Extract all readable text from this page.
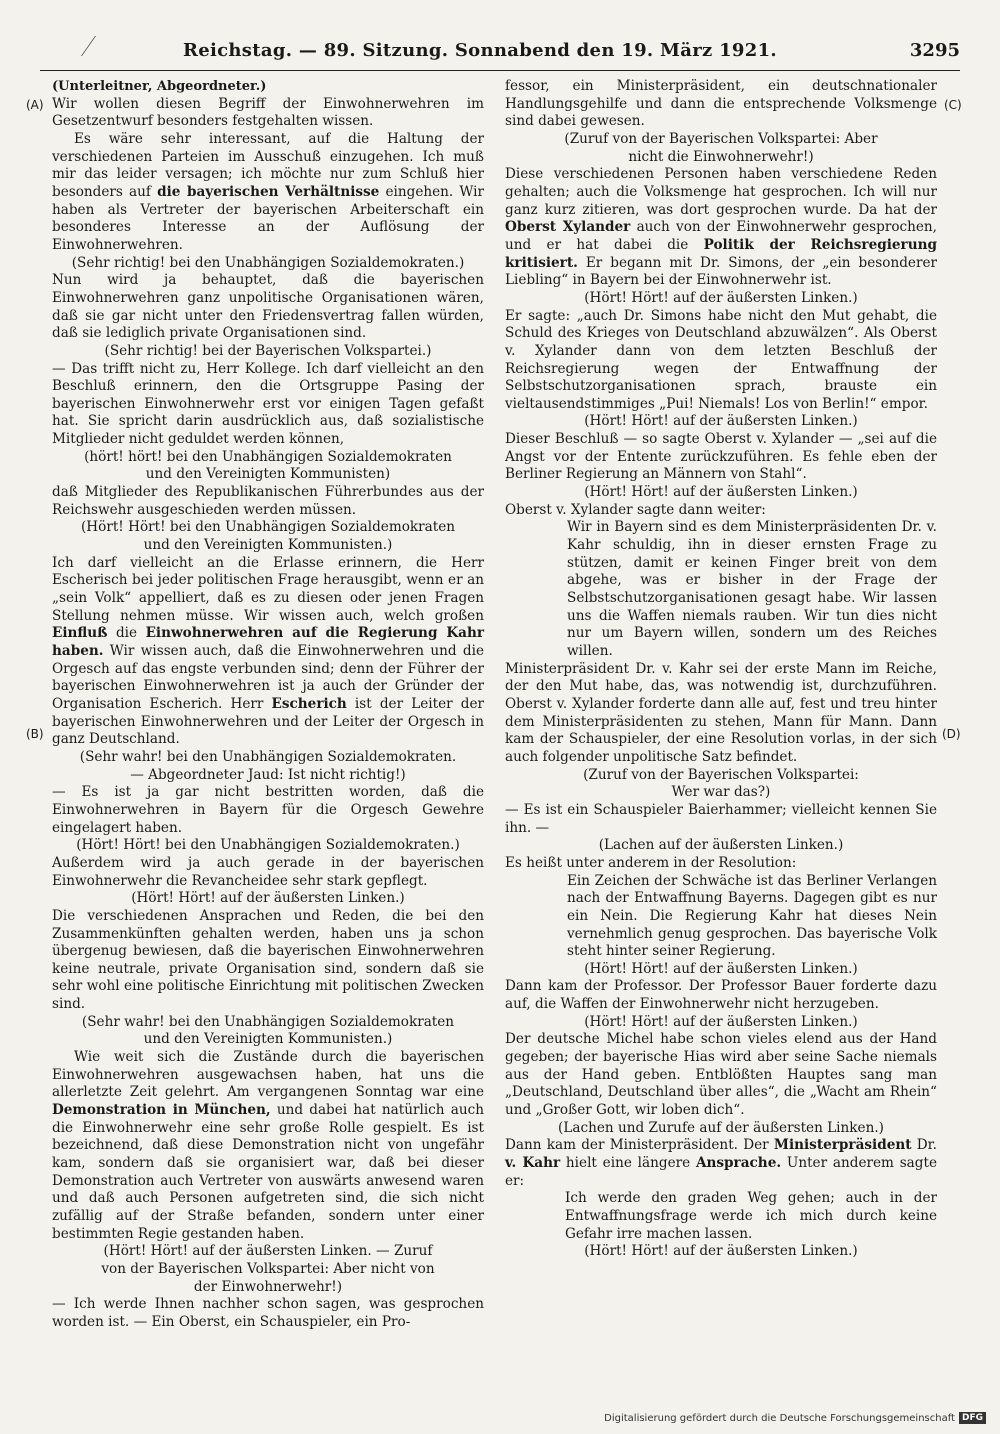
Reichstag. — 89. Sitzung. Sonnabend den 19. März 1921.	3295
(A)
(B)
(C)
(D)

(Unterleitner, Abgeordneter.)

Wir wollen diesen Begriff der Einwohnerwehren im Gesetzentwurf besonders festgehalten wissen.

Es wäre sehr interessant, auf die Haltung der verschiedenen Parteien im Ausschuß einzugehen. Ich muß mir das leider versagen; ich möchte nur zum Schluß hier besonders auf die bayerischen Verhältnisse eingehen. Wir haben als Vertreter der bayerischen Arbeiterschaft ein besonderes Interesse an der Auflösung der Einwohnerwehren.

(Sehr richtig! bei den Unabhängigen Sozialdemokraten.)

Nun wird ja behauptet, daß die bayerischen Einwohnerwehren ganz unpolitische Organisationen wären, daß sie gar nicht unter den Friedensvertrag fallen würden, daß sie lediglich private Organisationen sind.

(Sehr richtig! bei der Bayerischen Volkspartei.)

— Das trifft nicht zu, Herr Kollege. Ich darf vielleicht an den Beschluß erinnern, den die Ortsgruppe Pasing der bayerischen Einwohnerwehr erst vor einigen Tagen gefaßt hat. Sie spricht darin ausdrücklich aus, daß sozialistische Mitglieder nicht geduldet werden können,

(hört! hört! bei den Unabhängigen Sozialdemokraten
und den Vereinigten Kommunisten)

daß Mitglieder des Republikanischen Führerbundes aus der Reichswehr ausgeschieden werden müssen.

(Hört! Hört! bei den Unabhängigen Sozialdemokraten
und den Vereinigten Kommunisten.)

Ich darf vielleicht an die Erlasse erinnern, die Herr Escherisch bei jeder politischen Frage herausgibt, wenn er an „sein Volk“ appelliert, daß es zu diesen oder jenen Fragen Stellung nehmen müsse. Wir wissen auch, welch großen Einfluß die Einwohnerwehren auf die Regierung Kahr haben. Wir wissen auch, daß die Einwohnerwehren und die Orgesch auf das engste verbunden sind; denn der Führer der bayerischen Einwohnerwehren ist ja auch der Gründer der Organisation Escherich. Herr Escherich ist der Leiter der bayerischen Einwohnerwehren und der Leiter der Orgesch in ganz Deutschland.

(Sehr wahr! bei den Unabhängigen Sozialdemokraten.

— Abgeordneter Jaud: Ist nicht richtig!)

— Es ist ja gar nicht bestritten worden, daß die Einwohnerwehren in Bayern für die Orgesch Gewehre eingelagert haben.

(Hört! Hört! bei den Unabhängigen Sozialdemokraten.)

Außerdem wird ja auch gerade in der bayerischen Einwohnerwehr die Revancheidee sehr stark gepflegt.

(Hört! Hört! auf der äußersten Linken.)

Die verschiedenen Ansprachen und Reden, die bei den Zusammenkünften gehalten werden, haben uns ja schon übergenug bewiesen, daß die bayerischen Einwohnerwehren keine neutrale, private Organisation sind, sondern daß sie sehr wohl eine politische Einrichtung mit politischen Zwecken sind.

(Sehr wahr! bei den Unabhängigen Sozialdemokraten
und den Vereinigten Kommunisten.)

Wie weit sich die Zustände durch die bayerischen Einwohnerwehren ausgewachsen haben, hat uns die allerletzte Zeit gelehrt. Am vergangenen Sonntag war eine Demonstration in München, und dabei hat natürlich auch die Einwohnerwehr eine sehr große Rolle gespielt. Es ist bezeichnend, daß diese Demonstration nicht von ungefähr kam, sondern daß sie organisiert war, daß bei dieser Demonstration auch Vertreter von auswärts anwesend waren und daß auch Personen aufgetreten sind, die sich nicht zufällig auf der Straße befanden, sondern unter einer bestimmten Regie gestanden haben.

(Hört! Hört! auf der äußersten Linken. — Zuruf
von der Bayerischen Volkspartei: Aber nicht von
der Einwohnerwehr!)

— Ich werde Ihnen nachher schon sagen, was gesprochen worden ist. — Ein Oberst, ein Schauspieler, ein Pro-

fessor, ein Ministerpräsident, ein deutschnationaler Handlungsgehilfe und dann die entsprechende Volksmenge sind dabei gewesen.

(Zuruf von der Bayerischen Volkspartei: Aber
nicht die Einwohnerwehr!)

Diese verschiedenen Personen haben verschiedene Reden gehalten; auch die Volksmenge hat gesprochen. Ich will nur ganz kurz zitieren, was dort gesprochen wurde. Da hat der Oberst Xylander auch von der Einwohnerwehr gesprochen, und er hat dabei die Politik der Reichsregierung kritisiert. Er begann mit Dr. Simons, der „ein besonderer Liebling“ in Bayern bei der Einwohnerwehr ist.

(Hört! Hört! auf der äußersten Linken.)

Er sagte: „auch Dr. Simons habe nicht den Mut gehabt, die Schuld des Krieges von Deutschland abzuwälzen“. Als Oberst v. Xylander dann von dem letzten Beschluß der Reichsregierung wegen der Entwaffnung der Selbstschutzorganisationen sprach, brauste ein vieltausendstimmiges „Pui! Niemals! Los von Berlin!“ empor.

(Hört! Hört! auf der äußersten Linken.)

Dieser Beschluß — so sagte Oberst v. Xylander — „sei auf die Angst vor der Entente zurückzuführen. Es fehle eben der Berliner Regierung an Männern von Stahl“.

(Hört! Hört! auf der äußersten Linken.)

Oberst v. Xylander sagte dann weiter:

Wir in Bayern sind es dem Ministerpräsidenten Dr. v. Kahr schuldig, ihn in dieser ernsten Frage zu stützen, damit er keinen Finger breit von dem abgehe, was er bisher in der Frage der Selbstschutzorganisationen gesagt habe. Wir lassen uns die Waffen niemals rauben. Wir tun dies nicht nur um Bayern willen, sondern um des Reiches willen.

Ministerpräsident Dr. v. Kahr sei der erste Mann im Reiche, der den Mut habe, das, was notwendig ist, durchzuführen. Oberst v. Xylander forderte dann alle auf, fest und treu hinter dem Ministerpräsidenten zu stehen, Mann für Mann. Dann kam der Schauspieler, der eine Resolution vorlas, in der sich auch folgender unpolitische Satz befindet.

(Zuruf von der Bayerischen Volkspartei:
Wer war das?)

— Es ist ein Schauspieler Baierhammer; vielleicht kennen Sie ihn. —

(Lachen auf der äußersten Linken.)

Es heißt unter anderem in der Resolution:

Ein Zeichen der Schwäche ist das Berliner Verlangen nach der Entwaffnung Bayerns. Dagegen gibt es nur ein Nein. Die Regierung Kahr hat dieses Nein vernehmlich genug gesprochen. Das bayerische Volk steht hinter seiner Regierung.

(Hört! Hört! auf der äußersten Linken.)

Dann kam der Professor. Der Professor Bauer forderte dazu auf, die Waffen der Einwohnerwehr nicht herzugeben.

(Hört! Hört! auf der äußersten Linken.)

Der deutsche Michel habe schon vieles elend aus der Hand gegeben; der bayerische Hias wird aber seine Sache niemals aus der Hand geben. Entblößten Hauptes sang man „Deutschland, Deutschland über alles“, die „Wacht am Rhein“ und „Großer Gott, wir loben dich“.

(Lachen und Zurufe auf der äußersten Linken.)

Dann kam der Ministerpräsident. Der Ministerpräsident Dr. v. Kahr hielt eine längere Ansprache. Unter anderem sagte er:

Ich werde den graden Weg gehen; auch in der Entwaffnungsfrage werde ich mich durch keine Gefahr irre machen lassen.

(Hört! Hört! auf der äußersten Linken.)

Digitalisierung gefördert durch die Deutsche Forschungsgemeinschaft DFG
